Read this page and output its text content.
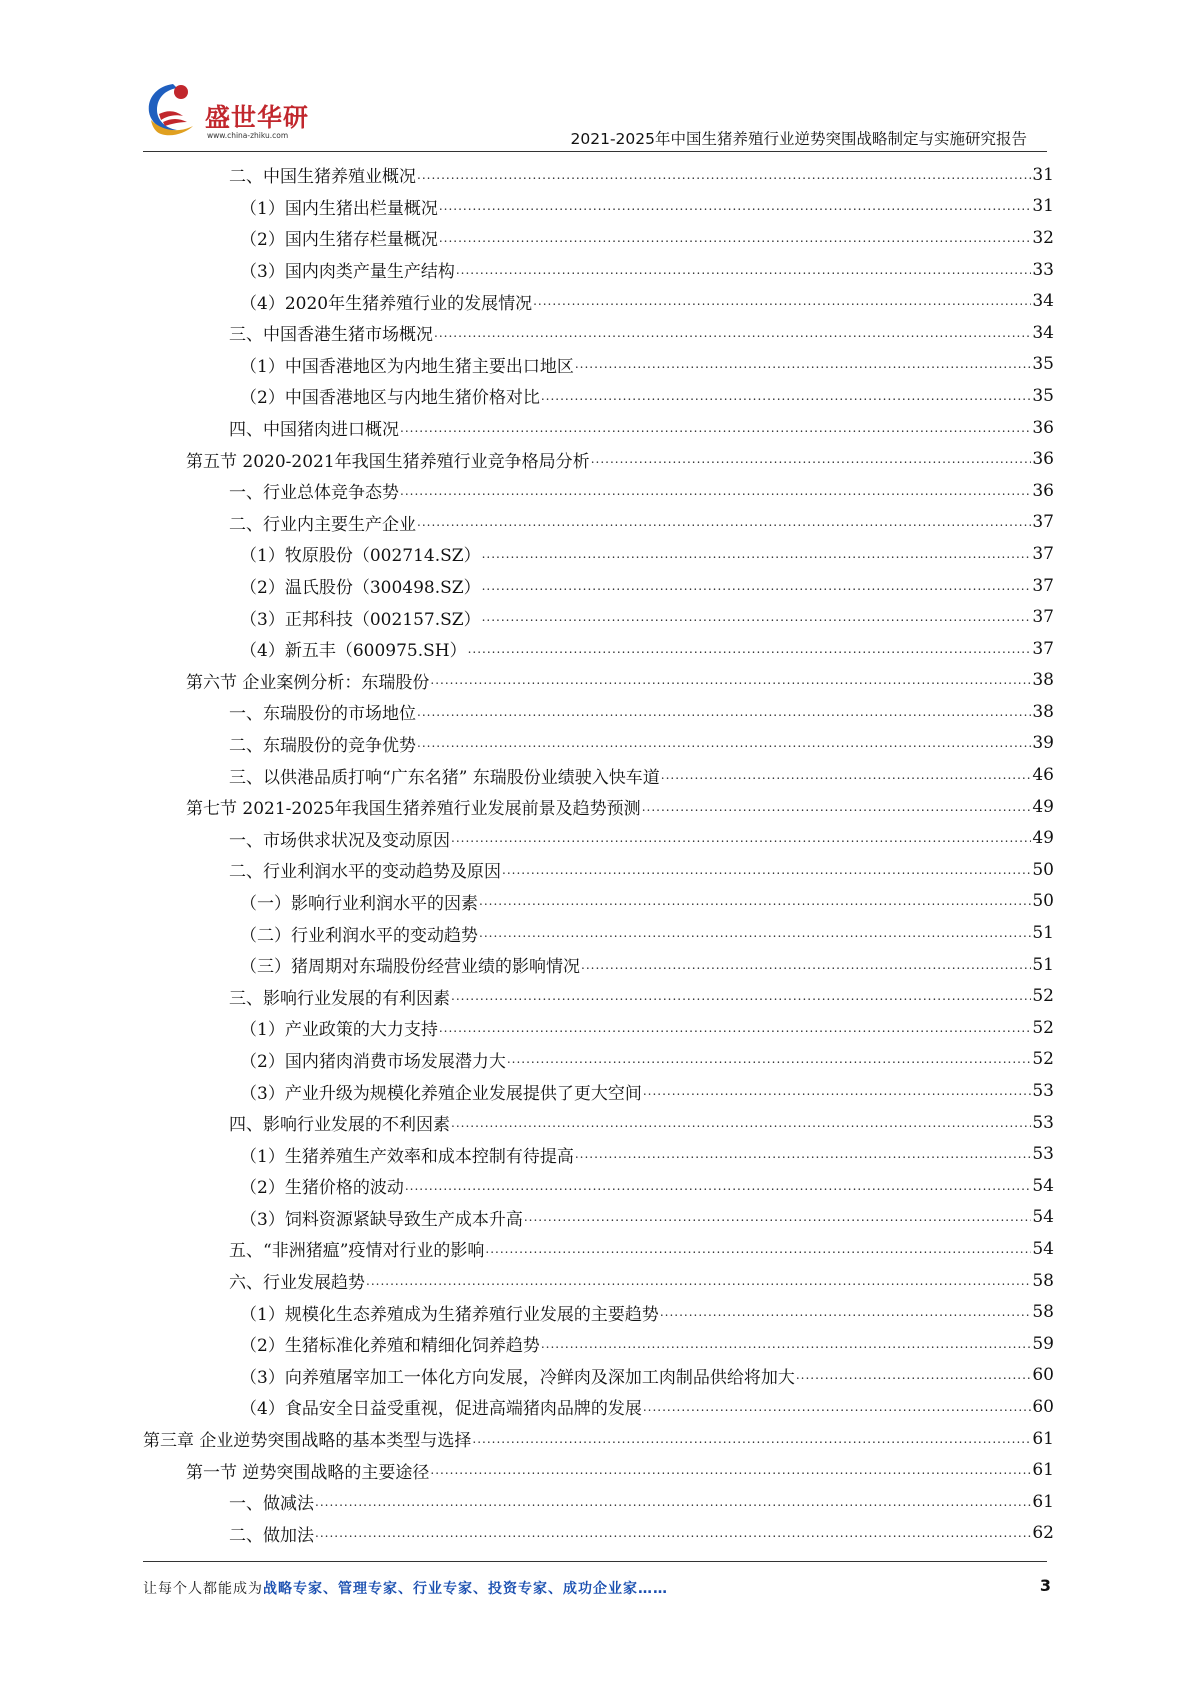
盛世华研
www.china-zhiku.com	2021-2025年中国生猪养殖行业逆势突围战略制定与实施研究报告
二、中国生猪养殖业概况 .....	31
（1）国内生猪出栏量概况 .....	31
（2）国内生猪存栏量概况 .....	32
（3）国内肉类产量生产结构 .....	33
（4）2020年生猪养殖行业的发展情况 .....	34
三、中国香港生猪市场概况 .....	34
（1）中国香港地区为内地生猪主要出口地区 .....	35
（2）中国香港地区与内地生猪价格对比 .....	35
四、中国猪肉进口概况 .....	36
第五节 2020-2021年我国生猪养殖行业竞争格局分析 .....	36
一、行业总体竞争态势 .....	36
二、行业内主要生产企业 .....	37
（1）牧原股份（002714.SZ） .....	37
（2）温氏股份（300498.SZ） .....	37
（3）正邦科技（002157.SZ） .....	37
（4）新五丰（600975.SH） .....	37
第六节 企业案例分析：东瑞股份 .....	38
一、东瑞股份的市场地位 .....	38
二、东瑞股份的竞争优势 .....	39
三、以供港品质打响“广东名猪” 东瑞股份业绩驶入快车道 .....	46
第七节 2021-2025年我国生猪养殖行业发展前景及趋势预测 .....	49
一、市场供求状况及变动原因 .....	49
二、行业利润水平的变动趋势及原因 .....	50
（一）影响行业利润水平的因素 .....	50
（二）行业利润水平的变动趋势 .....	51
（三）猪周期对东瑞股份经营业绩的影响情况 .....	51
三、影响行业发展的有利因素 .....	52
（1）产业政策的大力支持 .....	52
（2）国内猪肉消费市场发展潜力大 .....	52
（3）产业升级为规模化养殖企业发展提供了更大空间 .....	53
四、影响行业发展的不利因素 .....	53
（1）生猪养殖生产效率和成本控制有待提高 .....	53
（2）生猪价格的波动 .....	54
（3）饲料资源紧缺导致生产成本升高 .....	54
五、“非洲猪瘟”疫情对行业的影响 .....	54
六、行业发展趋势 .....	58
（1）规模化生态养殖成为生猪养殖行业发展的主要趋势 .....	58
（2）生猪标准化养殖和精细化饲养趋势 .....	59
（3）向养殖屠宰加工一体化方向发展，冷鲜肉及深加工肉制品供给将加大 .....	60
（4）食品安全日益受重视，促进高端猪肉品牌的发展 .....	60
第三章 企业逆势突围战略的基本类型与选择 .....	61
第一节 逆势突围战略的主要途径 .....	61
一、做减法 .....	61
二、做加法 .....	62
让每个人都能成为战略专家、管理专家、行业专家、投资专家、成功企业家……	3
